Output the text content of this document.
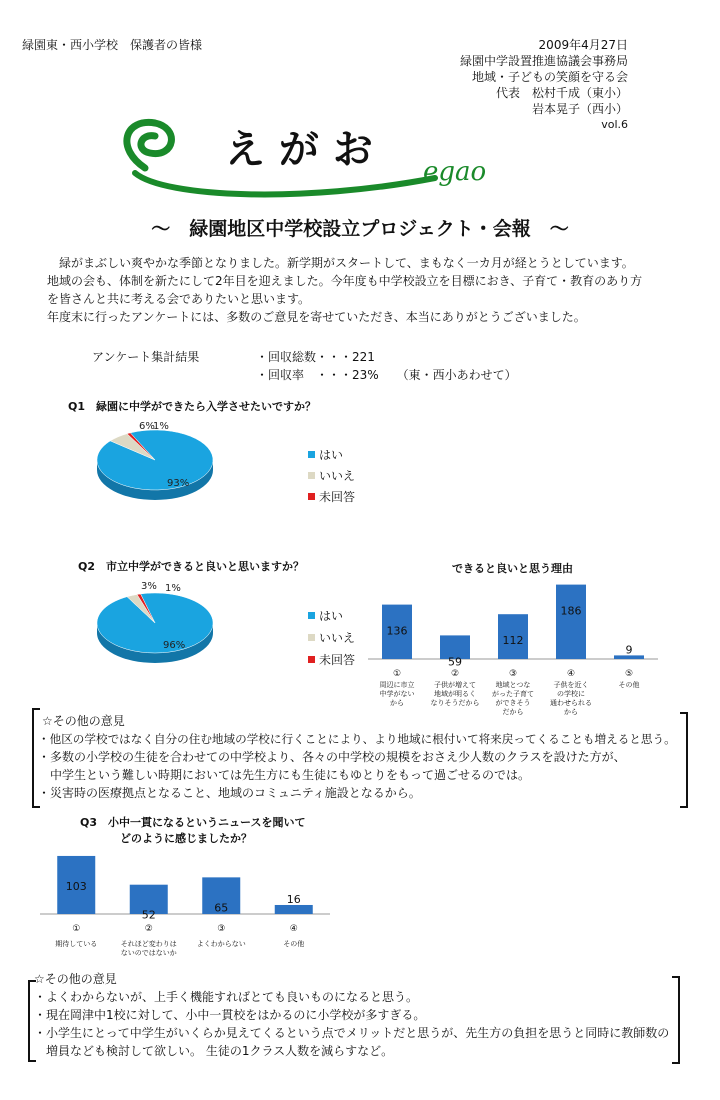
緑園東・西小学校　保護者の皆様	2009年4月27日
緑園中学設置推進協議会事務局
地域・子どもの笑顔を守る会
代表　松村千成（東小）
岩本晃子（西小）
vol.6
え が お egao
～　緑園地区中学校設立プロジェクト・会報　～
　緑がまぶしい爽やかな季節となりました。新学期がスタートして、まもなく一カ月が経とうとしています。
地域の会も、体制を新たにして2年目を迎えました。今年度も中学校設立を目標におき、子育て・教育のあり方
を皆さんと共に考える会でありたいと思います。
年度末に行ったアンケートには、多数のご意見を寄せていただき、本当にありがとうございました。
アンケート集計結果	・回収総数・・・221
・回収率　・・・23%　　（東・西小あわせて）
Q1　緑園に中学ができたら入学させたいですか？
93%
6%
1%
はい
いいえ
未回答
Q2　市立中学ができると良いと思いますか？
96%
3% 1%
はい
いいえ
未回答
できると良いと思う理由
136
59
112
186
9
①
周辺に市立
中学がない
から
②
子供が増えて
地域が明るく
なりそうだから
③
地域とつな
がった子育て
ができそう
だから
④
子供を近く
の学校に
通わせられる
から
⑤
その他
☆その他の意見
・他区の学校ではなく自分の住む地域の学校に行くことにより、より地域に根付いて将来戻ってくることも増えると思う。
・多数の小学校の生徒を合わせての中学校より、各々の中学校の規模をおさえ少人数のクラスを設けた方が、
　中学生という難しい時期においては先生方にも生徒にもゆとりをもって過ごせるのでは。
・災害時の医療拠点となること、地域のコミュニティ施設となるから。
Q3　小中一貫になるというニュースを聞いて
どのように感じましたか？
103
52
65
16
①
期待している
②
それほど変わりは
ないのではないか
③
よくわからない
④
その他
☆その他の意見
・よくわからないが、上手く機能すればとても良いものになると思う。
・現在岡津中1校に対して、小中一貫校をはかるのに小学校が多すぎる。
・小学生にとって中学生がいくらか見えてくるという点でメリットだと思うが、先生方の負担を思うと同時に教師数の
　増員なども検討して欲しい。 生徒の1クラス人数を減らすなど。
